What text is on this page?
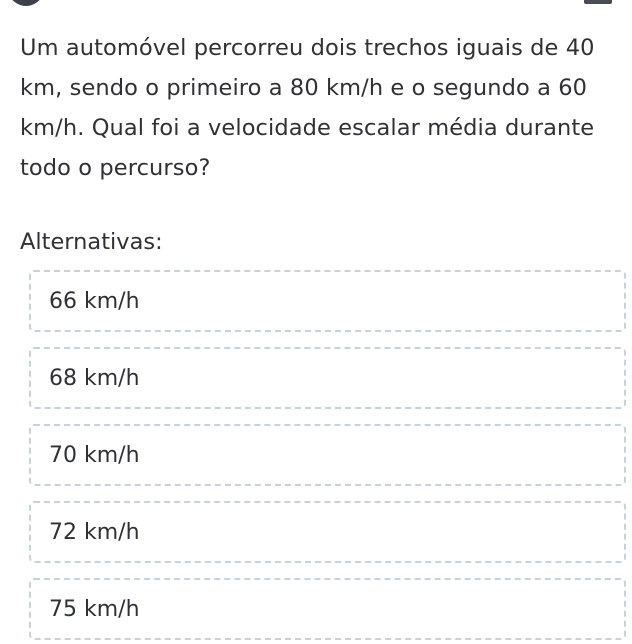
Um automóvel percorreu dois trechos iguais de 40 km, sendo o primeiro a 80 km/h e o segundo a 60 km/h. Qual foi a velocidade escalar média durante todo o percurso?

Alternativas:

66 km/h
68 km/h
70 km/h
72 km/h
75 km/h
